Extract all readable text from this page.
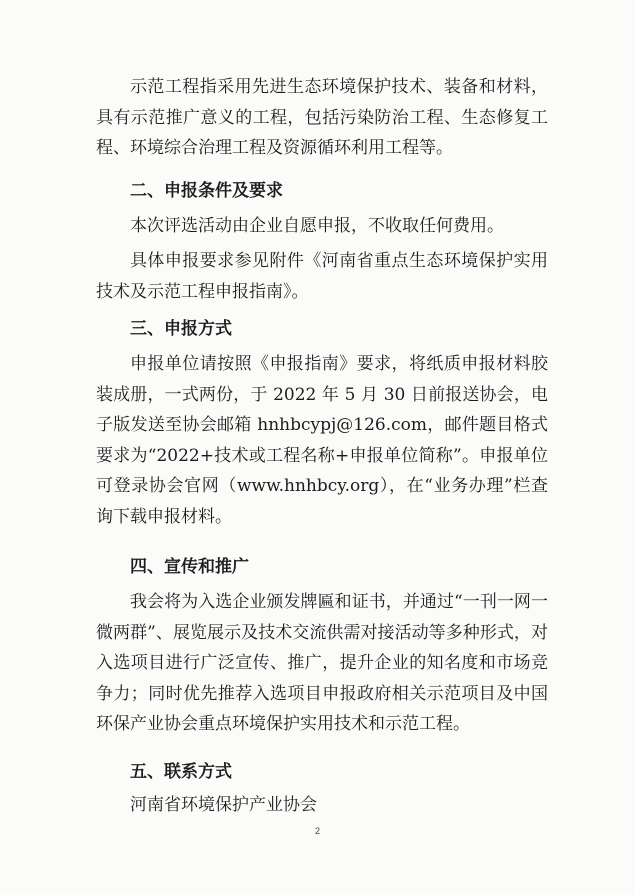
示范工程指采用先进生态环境保护技术、装备和材料，具有示范推广意义的工程，包括污染防治工程、生态修复工程、环境综合治理工程及资源循环利用工程等。

二、申报条件及要求

本次评选活动由企业自愿申报，不收取任何费用。

具体申报要求参见附件《河南省重点生态环境保护实用技术及示范工程申报指南》。

三、申报方式

申报单位请按照《申报指南》要求，将纸质申报材料胶装成册，一式两份，于 2022 年 5 月 30 日前报送协会，电子版发送至协会邮箱 hnhbcypj@126.com，邮件题目格式要求为“2022+技术或工程名称+申报单位简称”。申报单位可登录协会官网（www.hnhbcy.org），在“业务办理”栏查询下载申报材料。

四、宣传和推广

我会将为入选企业颁发牌匾和证书，并通过“一刊一网一微两群”、展览展示及技术交流供需对接活动等多种形式，对入选项目进行广泛宣传、推广，提升企业的知名度和市场竞争力；同时优先推荐入选项目申报政府相关示范项目及中国环保产业协会重点环境保护实用技术和示范工程。

五、联系方式

河南省环境保护产业协会

2
